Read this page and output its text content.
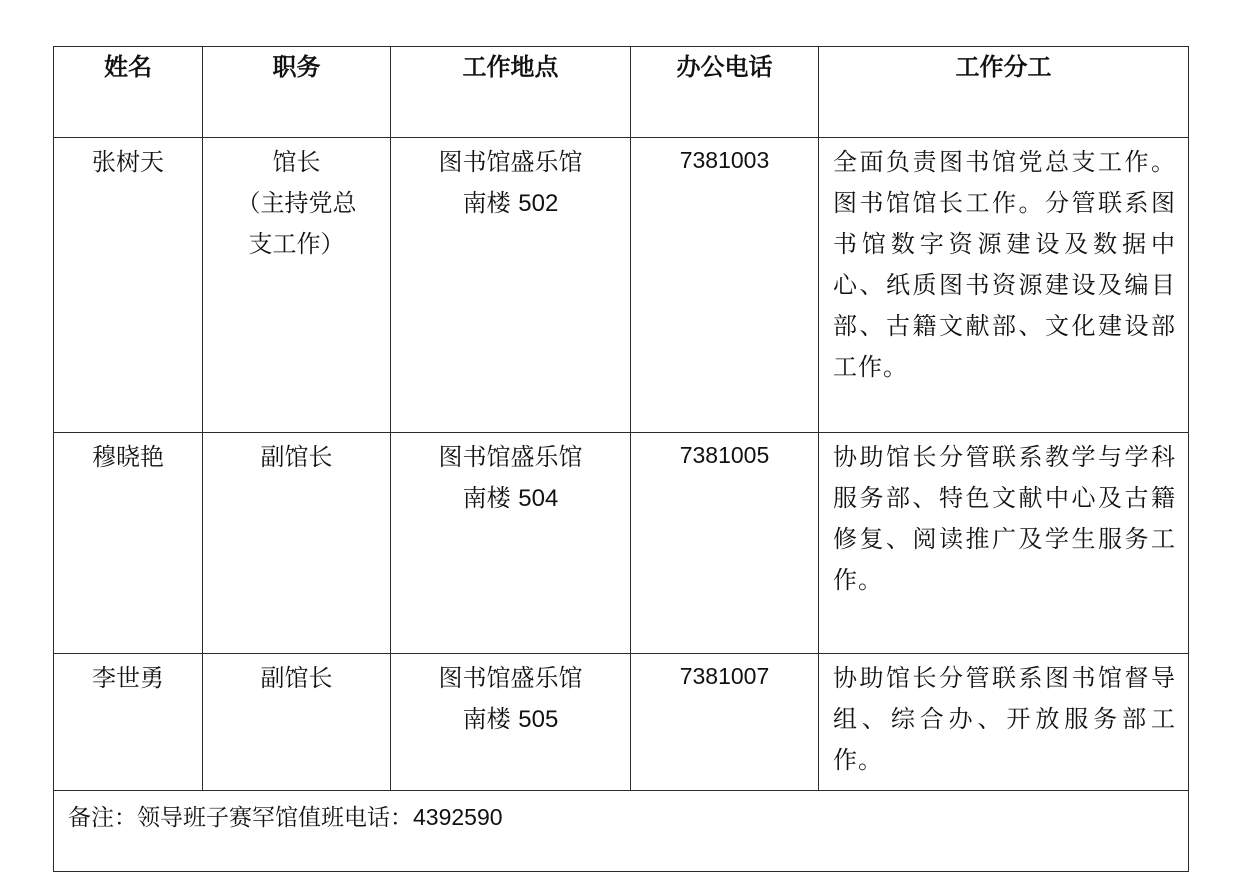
姓名	职务	工作地点	办公电话	工作分工
张树天	馆长
（主持党总
支工作）	图书馆盛乐馆
南楼 502	7381003	全面负责图书馆党总支工作。图书馆馆长工作。分管联系图书馆数字资源建设及数据中心、纸质图书资源建设及编目部、古籍文献部、文化建设部工作。
穆晓艳	副馆长	图书馆盛乐馆
南楼 504	7381005	协助馆长分管联系教学与学科服务部、特色文献中心及古籍修复、阅读推广及学生服务工作。
李世勇	副馆长	图书馆盛乐馆
南楼 505	7381007	协助馆长分管联系图书馆督导组、综合办、开放服务部工作。
备注：领导班子赛罕馆值班电话：4392590				
